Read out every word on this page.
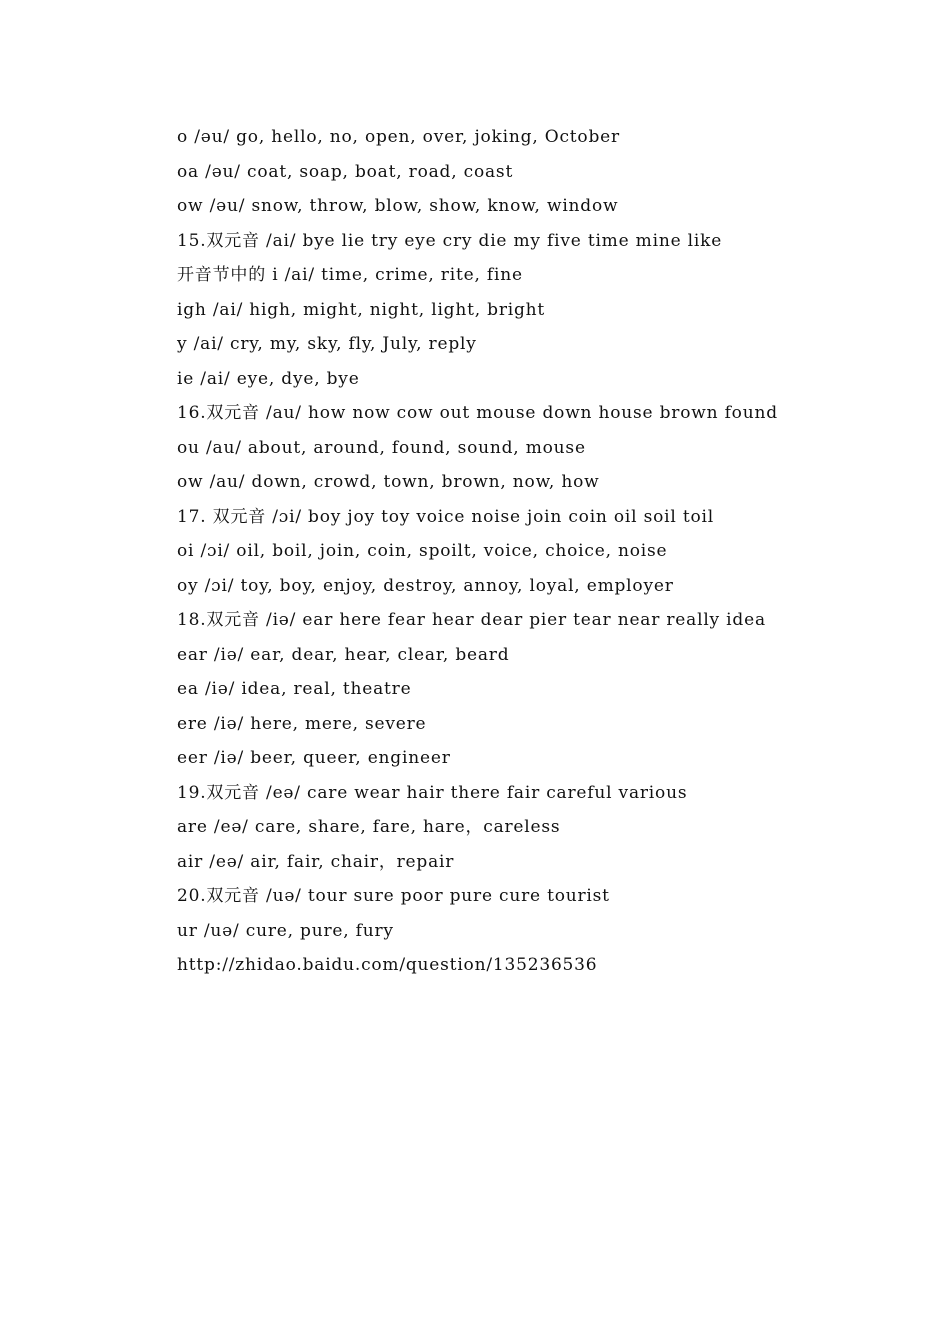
o /əu/ go, hello, no, open, over, joking, October
oa /əu/ coat, soap, boat, road, coast
ow /əu/ snow, throw, blow, show, know, window
15.双元音 /ai/ bye lie try eye cry die my five time mine like
开音节中的 i /ai/ time, crime, rite, fine
igh /ai/ high, might, night, light, bright
y /ai/ cry, my, sky, fly, July, reply
ie /ai/ eye, dye, bye
16.双元音 /au/ how now cow out mouse down house brown found
ou /au/ about, around, found, sound, mouse
ow /au/ down, crowd, town, brown, now, how
17. 双元音 /ɔi/ boy joy toy voice noise join coin oil soil toil
oi /ɔi/ oil, boil, join, coin, spoilt, voice, choice, noise
oy /ɔi/ toy, boy, enjoy, destroy, annoy, loyal, employer
18.双元音 /iə/ ear here fear hear dear pier tear near really idea
ear /iə/ ear, dear, hear, clear, beard
ea /iə/ idea, real, theatre
ere /iə/ here, mere, severe
eer /iə/ beer, queer, engineer
19.双元音 /eə/ care wear hair there fair careful various
are /eə/ care, share, fare, hare，careless
air /eə/ air, fair, chair，repair
20.双元音 /uə/ tour sure poor pure cure tourist
ur /uə/ cure, pure, fury
http://zhidao.baidu.com/question/135236536
